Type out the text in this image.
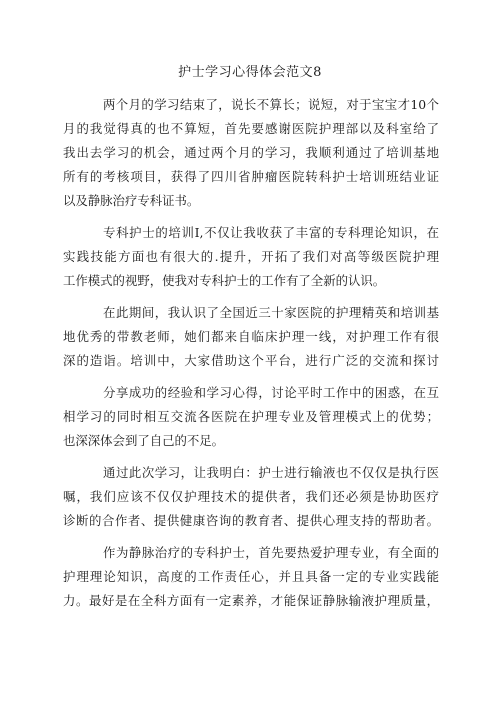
护士学习心得体会范文8
两个月的学习结束了，说长不算长；说短，对于宝宝才10个
月的我觉得真的也不算短，首先要感谢医院护理部以及科室给了
我出去学习的机会，通过两个月的学习，我顺利通过了培训基地
所有的考核项目，获得了四川省肿瘤医院转科护士培训班结业证
以及静脉治疗专科证书。
专科护士的培训I,不仅让我收获了丰富的专科理论知识，在
实践技能方面也有很大的.提升，开拓了我们对高等级医院护理
工作模式的视野，使我对专科护士的工作有了全新的认识。
在此期间，我认识了全国近三十家医院的护理精英和培训基
地优秀的带教老师，她们都来自临床护理一线，对护理工作有很
深的造诣。培训中，大家借助这个平台，进行广泛的交流和探讨
分享成功的经验和学习心得，讨论平时工作中的困惑，在互
相学习的同时相互交流各医院在护理专业及管理模式上的优势；
也深深体会到了自己的不足。
通过此次学习，让我明白：护士进行输液也不仅仅是执行医
嘱，我们应该不仅仅护理技术的提供者，我们还必须是协助医疗
诊断的合作者、提供健康咨询的教育者、提供心理支持的帮助者。
作为静脉治疗的专科护士，首先要热爱护理专业，有全面的
护理理论知识，高度的工作责任心，并且具备一定的专业实践能
力。最好是在全科方面有一定素养，才能保证静脉输液护理质量，
